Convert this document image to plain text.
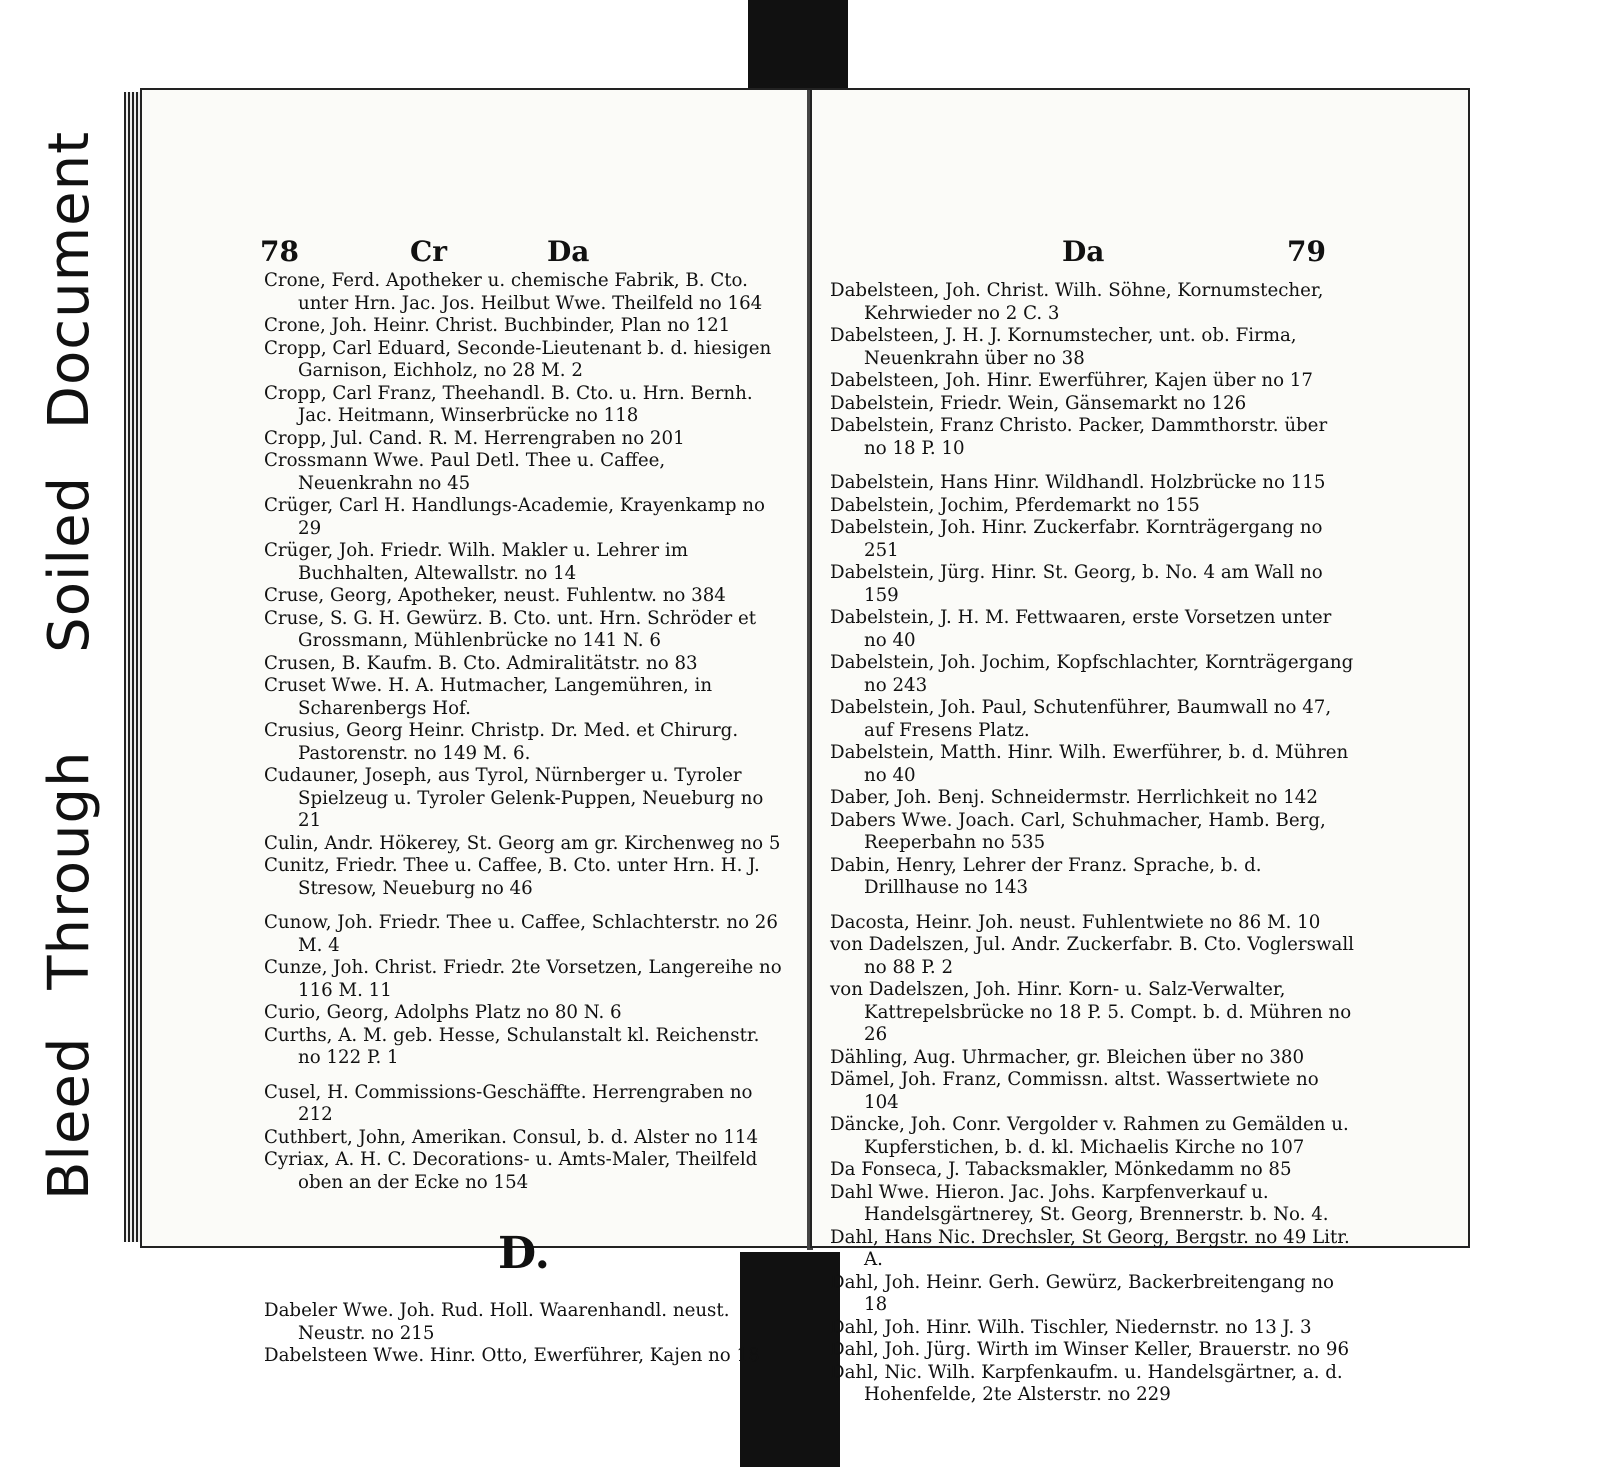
Bleed Through  Soiled Document	78	Cr	Da

Crone, Ferd. Apotheker u. chemische Fabrik, B. Cto. unter Hrn. Jac. Jos. Heilbut Wwe. Theilfeld no 164

Crone, Joh. Heinr. Christ. Buchbinder, Plan no 121

Cropp, Carl Eduard, Seconde-Lieutenant b. d. hiesigen Garnison, Eichholz, no 28 M. 2

Cropp, Carl Franz, Theehandl. B. Cto. u. Hrn. Bernh. Jac. Heitmann, Winserbrücke no 118

Cropp, Jul. Cand. R. M. Herrengraben no 201

Crossmann Wwe. Paul Detl. Thee u. Caffee, Neuenkrahn no 45

Crüger, Carl H. Handlungs-Academie, Krayenkamp no 29

Crüger, Joh. Friedr. Wilh. Makler u. Lehrer im Buchhalten, Altewallstr. no 14

Cruse, Georg, Apotheker, neust. Fuhlentw. no 384

Cruse, S. G. H. Gewürz. B. Cto. unt. Hrn. Schröder et Grossmann, Mühlenbrücke no 141 N. 6

Crusen, B. Kaufm. B. Cto. Admiralitätstr. no 83

Cruset Wwe. H. A. Hutmacher, Langemühren, in Scharenbergs Hof.

Crusius, Georg Heinr. Christp. Dr. Med. et Chirurg. Pastorenstr. no 149 M. 6.

Cudauner, Joseph, aus Tyrol, Nürnberger u. Tyroler Spielzeug u. Tyroler Gelenk-Puppen, Neueburg no 21

Culin, Andr. Hökerey, St. Georg am gr. Kirchenweg no 5

Cunitz, Friedr. Thee u. Caffee, B. Cto. unter Hrn. H. J. Stresow, Neueburg no 46

Cunow, Joh. Friedr. Thee u. Caffee, Schlachterstr. no 26 M. 4

Cunze, Joh. Christ. Friedr. 2te Vorsetzen, Langereihe no 116 M. 11

Curio, Georg, Adolphs Platz no 80 N. 6

Curths, A. M. geb. Hesse, Schulanstalt kl. Reichenstr. no 122 P. 1

Cusel, H. Commissions-Geschäffte. Herrengraben no 212

Cuthbert, John, Amerikan. Consul, b. d. Alster no 114

Cyriax, A. H. C. Decorations- u. Amts-Maler, Theilfeld oben an der Ecke no 154

D.

Dabeler Wwe. Joh. Rud. Holl. Waarenhandl. neust. Neustr. no 215

Dabelsteen Wwe. Hinr. Otto, Ewerführer, Kajen no 18

Da	79

Dabelsteen, Joh. Christ. Wilh. Söhne, Kornumstecher, Kehrwieder no 2 C. 3

Dabelsteen, J. H. J. Kornumstecher, unt. ob. Firma, Neuenkrahn über no 38

Dabelsteen, Joh. Hinr. Ewerführer, Kajen über no 17

Dabelstein, Friedr. Wein, Gänsemarkt no 126

Dabelstein, Franz Christo. Packer, Dammthorstr. über no 18 P. 10

Dabelstein, Hans Hinr. Wildhandl. Holzbrücke no 115

Dabelstein, Jochim, Pferdemarkt no 155

Dabelstein, Joh. Hinr. Zuckerfabr. Kornträgergang no 251

Dabelstein, Jürg. Hinr. St. Georg, b. No. 4 am Wall no 159

Dabelstein, J. H. M. Fettwaaren, erste Vorsetzen unter no 40

Dabelstein, Joh. Jochim, Kopfschlachter, Kornträgergang no 243

Dabelstein, Joh. Paul, Schutenführer, Baumwall no 47, auf Fresens Platz.

Dabelstein, Matth. Hinr. Wilh. Ewerführer, b. d. Mühren no 40

Daber, Joh. Benj. Schneidermstr. Herrlichkeit no 142

Dabers Wwe. Joach. Carl, Schuhmacher, Hamb. Berg, Reeperbahn no 535

Dabin, Henry, Lehrer der Franz. Sprache, b. d. Drillhause no 143

Dacosta, Heinr. Joh. neust. Fuhlentwiete no 86 M. 10

von Dadelszen, Jul. Andr. Zuckerfabr. B. Cto. Voglerswall no 88 P. 2

von Dadelszen, Joh. Hinr. Korn- u. Salz-Verwalter, Kattrepelsbrücke no 18 P. 5. Compt. b. d. Mühren no 26

Dähling, Aug. Uhrmacher, gr. Bleichen über no 380

Dämel, Joh. Franz, Commissn. altst. Wassertwiete no 104

Däncke, Joh. Conr. Vergolder v. Rahmen zu Gemälden u. Kupferstichen, b. d. kl. Michaelis Kirche no 107

Da Fonseca, J. Tabacksmakler, Mönkedamm no 85

Dahl Wwe. Hieron. Jac. Johs. Karpfenverkauf u. Handelsgärtnerey, St. Georg, Brennerstr. b. No. 4.

Dahl, Hans Nic. Drechsler, St Georg, Bergstr. no 49 Litr. A.

Dahl, Joh. Heinr. Gerh. Gewürz, Backerbreitengang no 18

Dahl, Joh. Hinr. Wilh. Tischler, Niedernstr. no 13 J. 3

Dahl, Joh. Jürg. Wirth im Winser Keller, Brauerstr. no 96

Dahl, Nic. Wilh. Karpfenkaufm. u. Handelsgärtner, a. d. Hohenfelde, 2te Alsterstr. no 229
